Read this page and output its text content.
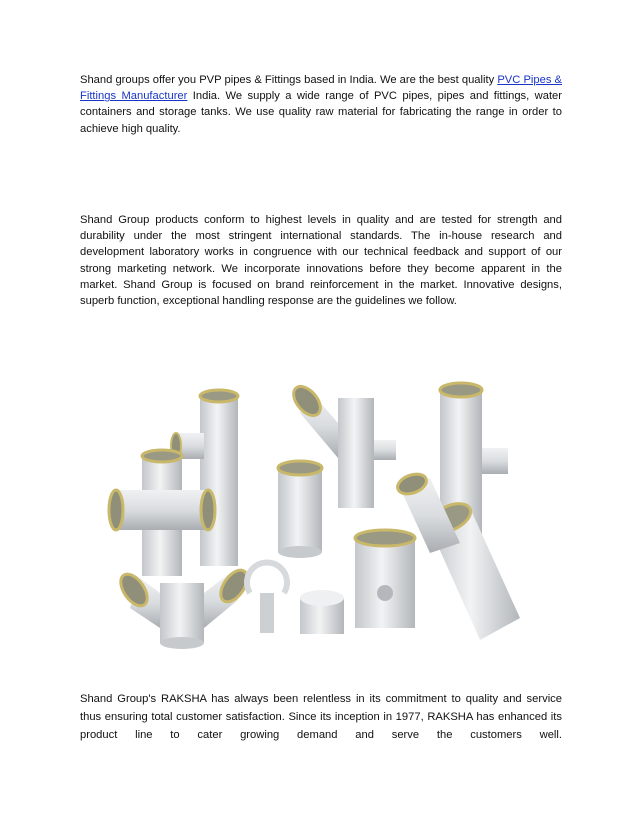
Shand groups offer you PVP pipes & Fittings based in India. We are the best quality PVC Pipes & Fittings Manufacturer India. We supply a wide range of PVC pipes, pipes and fittings, water containers and storage tanks. We use quality raw material for fabricating the range in order to achieve high quality.

Shand Group products conform to highest levels in quality and are tested for strength and durability under the most stringent international standards. The in-house research and development laboratory works in congruence with our technical feedback and support of our strong marketing network. We incorporate innovations before they become apparent in the market. Shand Group is focused on brand reinforcement in the market. Innovative designs, superb function, exceptional handling response are the guidelines we follow.

Shand Group's RAKSHA has always been relentless in its commitment to quality and service thus ensuring total customer satisfaction. Since its inception in 1977, RAKSHA has enhanced its product line to cater growing demand and serve the customers well.
